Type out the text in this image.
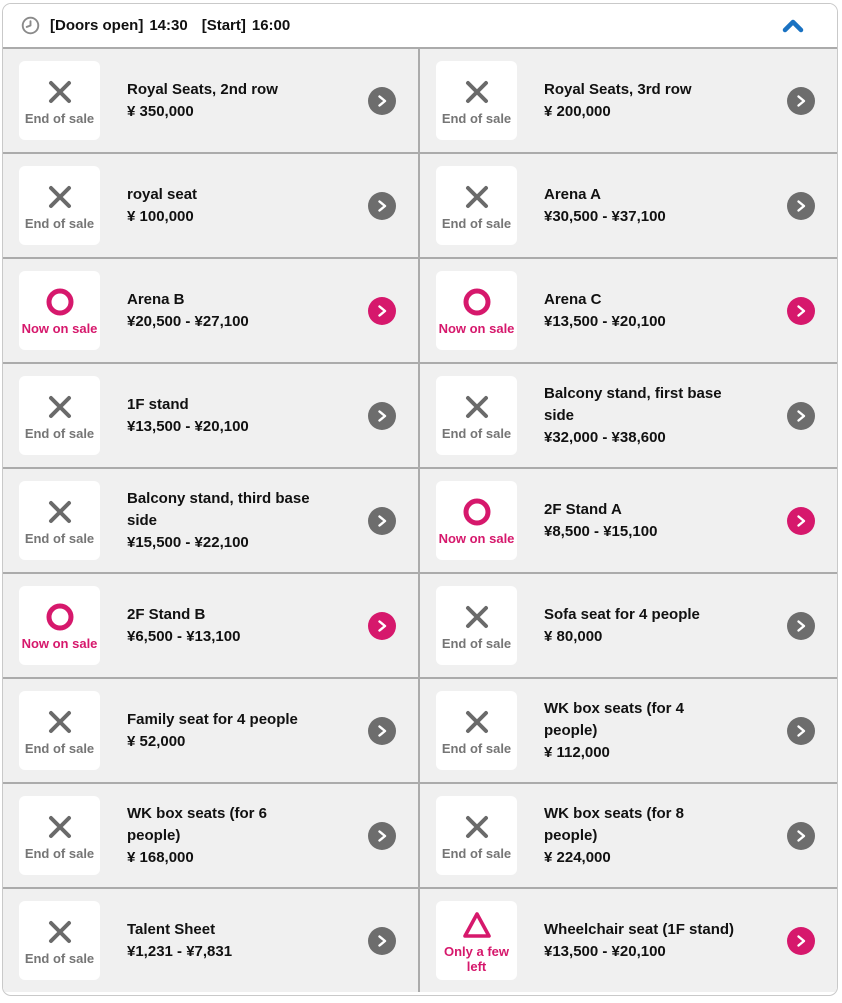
[Doors open] 14:30 [Start] 16:00
End of sale
Royal Seats, 2nd row
¥ 350,000	End of sale
Royal Seats, 3rd row
¥ 200,000
End of sale
royal seat
¥ 100,000	End of sale
Arena A
¥30,500 - ¥37,100
Now on sale
Arena B
¥20,500 - ¥27,100	Now on sale
Arena C
¥13,500 - ¥20,100
End of sale
1F stand
¥13,500 - ¥20,100	End of sale
Balcony stand, first base side
¥32,000 - ¥38,600
End of sale
Balcony stand, third base side
¥15,500 - ¥22,100	Now on sale
2F Stand A
¥8,500 - ¥15,100
Now on sale
2F Stand B
¥6,500 - ¥13,100	End of sale
Sofa seat for 4 people
¥ 80,000
End of sale
Family seat for 4 people
¥ 52,000	End of sale
WK box seats (for 4 people)
¥ 112,000
End of sale
WK box seats (for 6 people)
¥ 168,000	End of sale
WK box seats (for 8 people)
¥ 224,000
End of sale
Talent Sheet
¥1,231 - ¥7,831	Only a few left
Wheelchair seat (1F stand)
¥13,500 - ¥20,100
